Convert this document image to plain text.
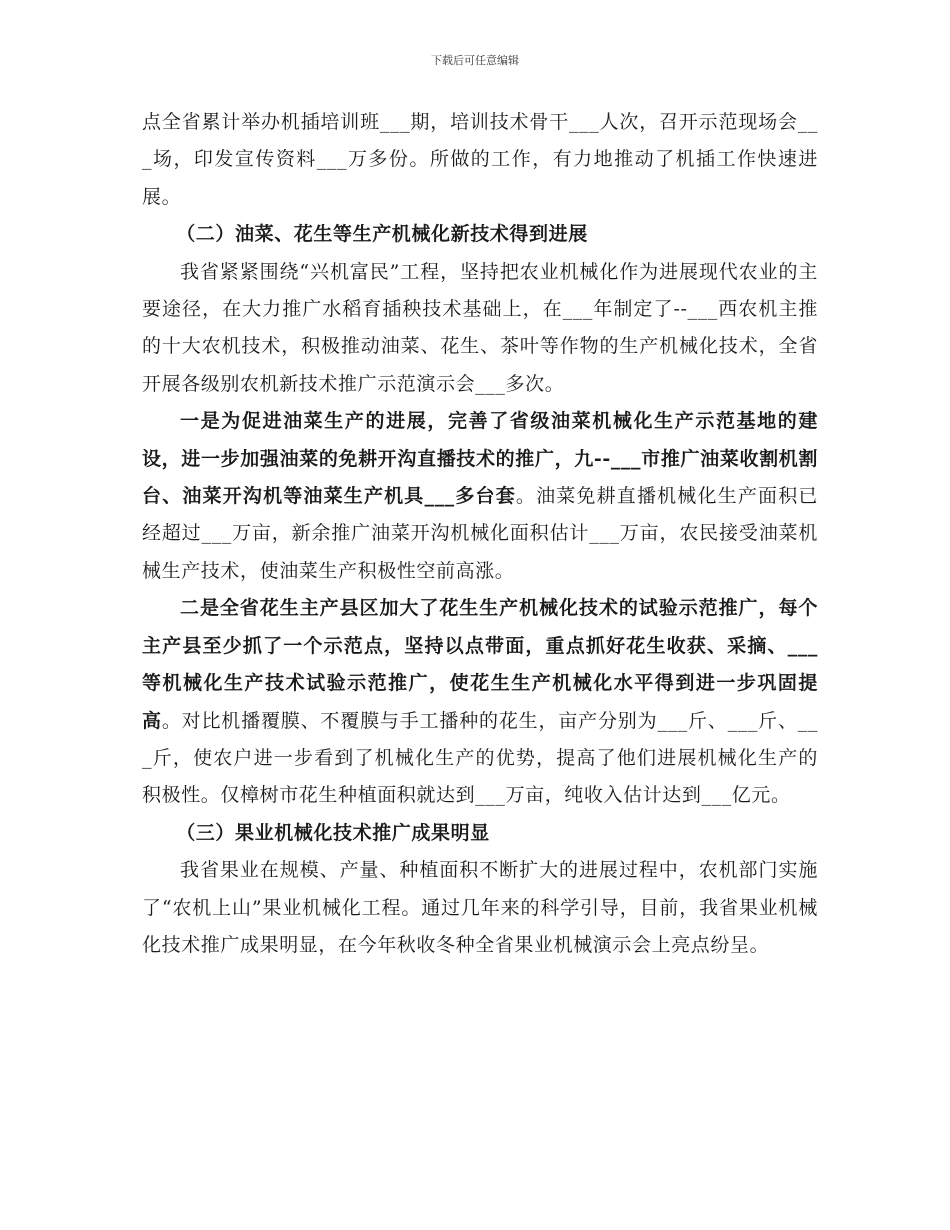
下载后可任意编辑

点全省累计举办机插培训班___期，培训技术骨干___人次，召开示范现场会___场，印发宣传资料___万多份。所做的工作，有力地推动了机插工作快速进展。

（二）油菜、花生等生产机械化新技术得到进展

我省紧紧围绕“兴机富民”工程，坚持把农业机械化作为进展现代农业的主要途径，在大力推广水稻育插秧技术基础上，在___年制定了--___西农机主推的十大农机技术，积极推动油菜、花生、茶叶等作物的生产机械化技术，全省开展各级别农机新技术推广示范演示会___多次。

一是为促进油菜生产的进展，完善了省级油菜机械化生产示范基地的建设，进一步加强油菜的免耕开沟直播技术的推广，九--___市推广油菜收割机割台、油菜开沟机等油菜生产机具___多台套。油菜免耕直播机械化生产面积已经超过___万亩，新余推广油菜开沟机械化面积估计___万亩，农民接受油菜机械生产技术，使油菜生产积极性空前高涨。

二是全省花生主产县区加大了花生生产机械化技术的试验示范推广，每个主产县至少抓了一个示范点，坚持以点带面，重点抓好花生收获、采摘、___等机械化生产技术试验示范推广，使花生生产机械化水平得到进一步巩固提高。对比机播覆膜、不覆膜与手工播种的花生，亩产分别为___斤、___斤、___斤，使农户进一步看到了机械化生产的优势，提高了他们进展机械化生产的积极性。仅樟树市花生种植面积就达到___万亩，纯收入估计达到___亿元。

（三）果业机械化技术推广成果明显

我省果业在规模、产量、种植面积不断扩大的进展过程中，农机部门实施了“农机上山”果业机械化工程。通过几年来的科学引导，目前，我省果业机械化技术推广成果明显，在今年秋收冬种全省果业机械演示会上亮点纷呈。
